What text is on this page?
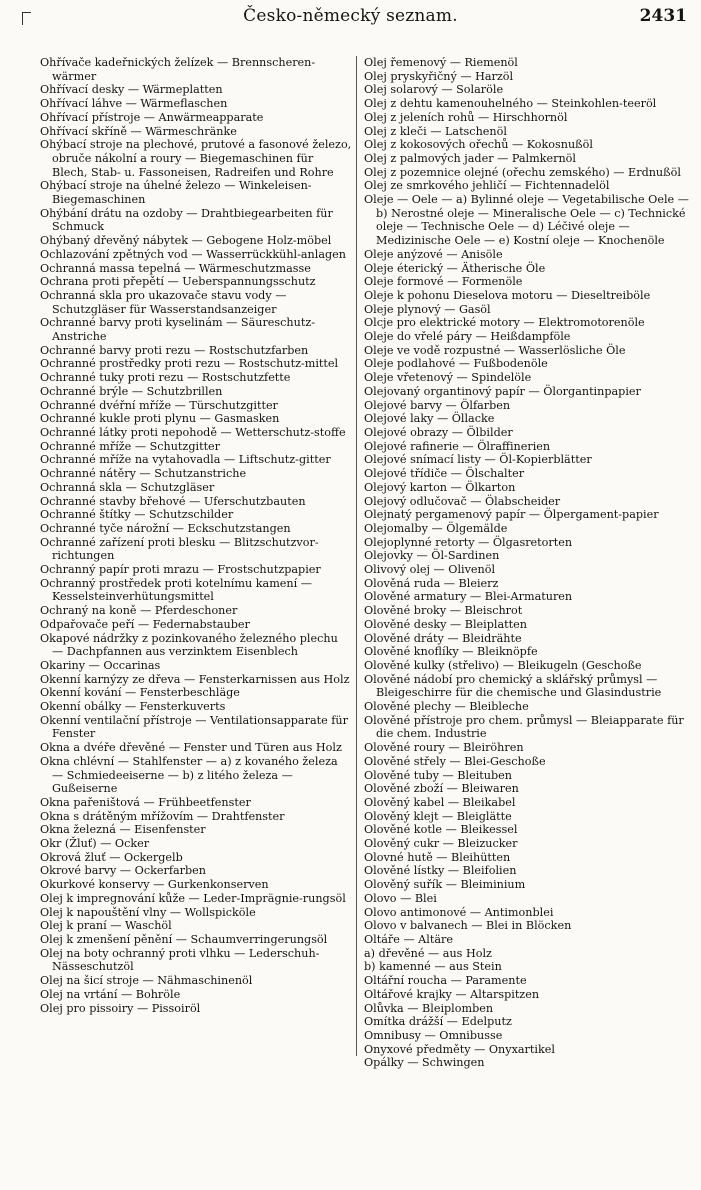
Česko-německý seznam.	2431

Ohřívače kadeřnických želízek — Brennscheren-wärmer

Ohřívací desky — Wärmeplatten

Ohřívací láhve — Wärmeflaschen

Ohřívací přístroje — Anwärmeapparate

Ohřívací skříně — Wärmeschränke

Ohýbací stroje na plechové, prutové a fasonové železo, obruče nákolní a roury — Biegemaschinen für Blech, Stab- u. Fassoneisen, Radreifen und Rohre

Ohýbací stroje na úhelné železo — Winkeleisen-Biegemaschinen

Ohýbání drátu na ozdoby — Drahtbiegearbeiten für Schmuck

Ohýbaný dřevěný nábytek — Gebogene Holz-möbel

Ochlazování zpětných vod — Wasserrückkühl-anlagen

Ochranná massa tepelná — Wärmeschutzmasse

Ochrana proti přepětí — Ueberspannungsschutz

Ochranná skla pro ukazovače stavu vody — Schutzgläser für Wasserstandsanzeiger

Ochranné barvy proti kyselinám — Säureschutz-Anstriche

Ochranné barvy proti rezu — Rostschutzfarben

Ochranné prostředky proti rezu — Rostschutz-mittel

Ochranné tuky proti rezu — Rostschutzfette

Ochranné brýle — Schutzbrillen

Ochranné dvéřní mříže — Türschutzgitter

Ochranné kukle proti plynu — Gasmasken

Ochranné látky proti nepohodě — Wetterschutz-stoffe

Ochranné mříže — Schutzgitter

Ochranné mříže na vytahovadla — Liftschutz-gitter

Ochranné nátěry — Schutzanstriche

Ochranná skla — Schutzgläser

Ochranné stavby břehové — Uferschutzbauten

Ochranné štítky — Schutzschilder

Ochranné tyče nárožní — Eckschutzstangen

Ochranné zařízení proti blesku — Blitzschutzvor-richtungen

Ochranný papír proti mrazu — Frostschutzpapier

Ochranný prostředek proti kotelnímu kamení — Kesselsteinverhütungsmittel

Ochraný na koně — Pferdeschoner

Odpařovače peří — Federnabstauber

Okapové nádržky z pozinkovaného železného plechu — Dachpfannen aus verzinktem Eisenblech

Okariny — Occarinas

Okenní karnýzy ze dřeva — Fensterkarnissen aus Holz

Okenní kování — Fensterbeschläge

Okenní obálky — Fensterkuverts

Okenní ventilační přístroje — Ventilationsapparate für Fenster

Okna a dvéře dřevěné — Fenster und Türen aus Holz

Okna chlévní — Stahlfenster — a) z kovaného železa — Schmiedeeiserne — b) z litého železa — Gußeiserne

Okna pařeništová — Frühbeetfenster

Okna s drátěným mřížovím — Drahtfenster

Okna železná — Eisenfenster

Okr (Žluť) — Ocker

Okrová žluť — Ockergelb

Okrové barvy — Ockerfarben

Okurkové konservy — Gurkenkonserven

Olej k impregnování kůže — Leder-Imprägnie-rungsöl

Olej k napouštění vlny — Wollspicköle

Olej k praní — Waschöl

Olej k zmenšení pěnění — Schaumverringerungsöl

Olej na boty ochranný proti vlhku — Lederschuh-Nässeschutzöl

Olej na šicí stroje — Nähmaschinenöl

Olej na vrtání — Bohröle

Olej pro pissoiry — Pissoiröl

Olej řemenový — Riemenöl

Olej pryskyřičný — Harzöl

Olej solarový — Solaröle

Olej z dehtu kamenouhelného — Steinkohlen-teeröl

Olej z jeleních rohů — Hirschhornöl

Olej z kleči — Latschenöl

Olej z kokosových ořechů — Kokosnußöl

Olej z palmových jader — Palmkernöl

Olej z pozemnice olejné (ořechu zemského) — Erdnußöl

Olej ze smrkového jehličí — Fichtennadelöl

Oleje — Oele — a) Bylinné oleje — Vegetabilische Oele — b) Nerostné oleje — Mineralische Oele — c) Technické oleje — Technische Oele — d) Léčivé oleje — Medizinische Oele — e) Kostní oleje — Knochenöle

Oleje anýzové — Anisöle

Oleje éterický — Ätherische Öle

Oleje formové — Formenöle

Oleje k pohonu Dieselova motoru — Dieseltreiböle

Oleje plynový — Gasöl

Olcje pro elektrické motory — Elektromotorenöle

Oleje do vřelé páry — Heißdampföle

Oleje ve vodě rozpustné — Wasserlösliche Öle

Oleje podlahové — Fußbodenöle

Oleje vřetenový — Spindelöle

Olejovaný organtinový papír — Ölorgantinpapier

Olejové barvy — Ölfarben

Olejové laky — Öllacke

Olejové obrazy — Ölbilder

Olejové rafinerie — Ölraffinerien

Olejové snímací listy — Öl-Kopierblätter

Olejové třídiče — Ölschalter

Olejový karton — Ölkarton

Olejový odlučovač — Ölabscheider

Olejnatý pergamenový papír — Ölpergament-papier

Olejomalby — Ölgemälde

Olejoplynné retorty — Ölgasretorten

Olejovky — Öl-Sardinen

Olivový olej — Olivenöl

Olověná ruda — Bleierz

Olověné armatury — Blei-Armaturen

Olověné broky — Bleischrot

Olověné desky — Bleiplatten

Olověné dráty — Bleidrähte

Olověné knoflíky — Bleiknöpfe

Olověné kulky (střelivo) — Bleikugeln (Geschoße

Olověné nádobí pro chemický a sklářský průmysl — Bleigeschirre für die chemische und Glasindustrie

Olověné plechy — Bleibleche

Olověné přístroje pro chem. průmysl — Bleiapparate für die chem. Industrie

Olověné roury — Bleiröhren

Olověné střely — Blei-Geschoße

Olověné tuby — Bleituben

Olověné zboží — Bleiwaren

Olověný kabel — Bleikabel

Olověný klejt — Bleiglätte

Olověné kotle — Bleikessel

Olověný cukr — Bleizucker

Olovné hutě — Bleihütten

Olověné lístky — Bleifolien

Olověný suřík — Bleiminium

Olovo — Blei

Olovo antimonové — Antimonblei

Olovo v balvanech — Blei in Blöcken

Oltáře — Altäre

a) dřevěné — aus Holz

b) kamenné — aus Stein

Oltářní roucha — Paramente

Oltářové krajky — Altarspitzen

Olůvka — Bleiplomben

Omítka drážší — Edelputz

Omnibusy — Omnibusse

Onyxové předměty — Onyxartikel

Opálky — Schwingen
